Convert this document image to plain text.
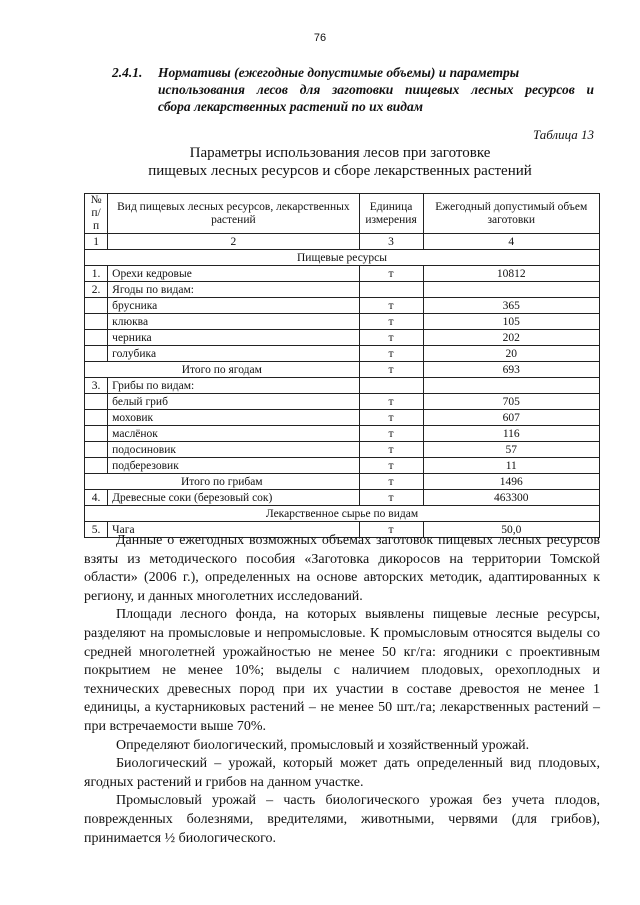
76
2.4.1. Нормативы (ежегодные допустимые объемы) и параметры
использования лесов для заготовки пищевых лесных ресурсов и
сбора лекарственных растений по их видам
Таблица 13
Параметры использования лесов при заготовке
пищевых лесных ресурсов и сборе лекарственных растений
№ п/п	Вид пищевых лесных ресурсов, лекарственных растений	Единица измерения	Ежегодный допустимый объем заготовки
1	2	3	4
Пищевые ресурсы			
1.	Орехи кедровые	т	10812
2.	Ягоды по видам:		
	брусника	т	365
	клюква	т	105
	черника	т	202
	голубика	т	20
Итого по ягодам		т	693
3.	Грибы по видам:		
	белый гриб	т	705
	моховик	т	607
	маслёнок	т	116
	подосиновик	т	57
	подберезовик	т	11
Итого по грибам		т	1496
4.	Древесные соки (березовый сок)	т	463300
Лекарственное сырье по видам			
5.	Чага	т	50,0

Данные о ежегодных возможных объемах заготовок пищевых лесных ресурсов взяты из методического пособия «Заготовка дикоросов на территории Томской области» (2006 г.), определенных на основе авторских методик, адаптированных к региону, и данных многолетних исследований.

Площади лесного фонда, на которых выявлены пищевые лесные ресурсы, разделяют на промысловые и непромысловые. К промысловым относятся выделы со средней многолетней урожайностью не менее 50 кг/га: ягодники с проективным покрытием не менее 10%; выделы с наличием плодовых, орехоплодных и технических древесных пород при их участии в составе древостоя не менее 1 единицы, а кустарниковых растений – не менее 50 шт./га; лекарственных растений – при встречаемости выше 70%.

Определяют биологический, промысловый и хозяйственный урожай.

Биологический – урожай, который может дать определенный вид плодовых, ягодных растений и грибов на данном участке.

Промысловый урожай – часть биологического урожая без учета плодов, поврежденных болезнями, вредителями, животными, червями (для грибов), принимается ½ биологического.
